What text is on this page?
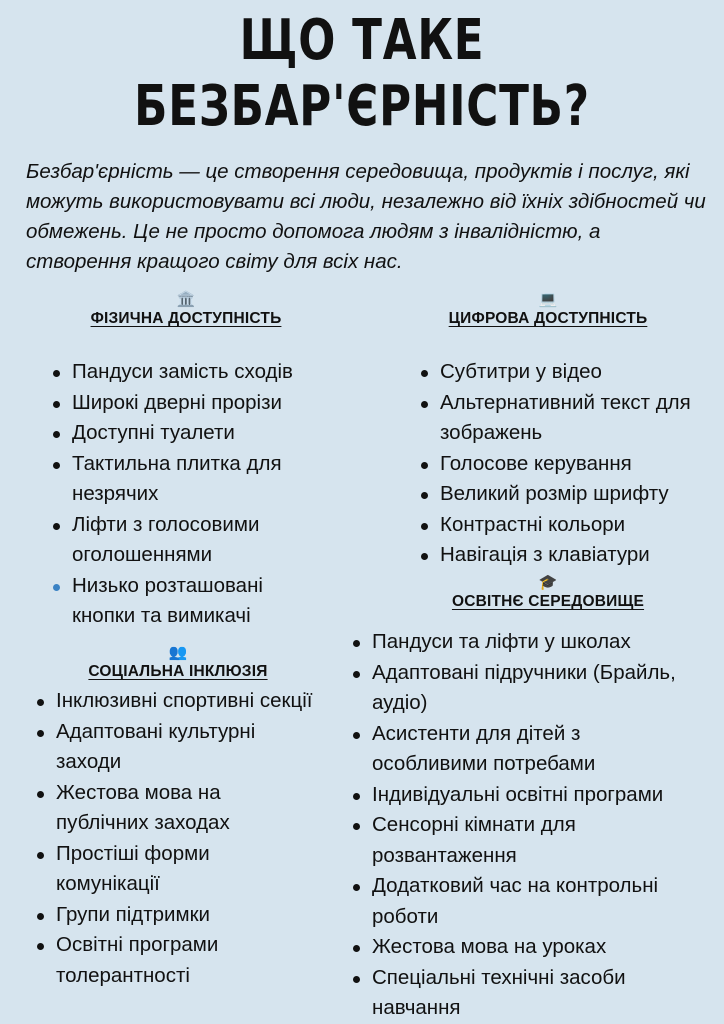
ЩО ТАКЕ
БЕЗБАР'ЄРНІСТЬ?
Безбар'єрність — це створення середовища, продуктів і послуг, які можуть використовувати всі люди, незалежно від їхніх здібностей чи обмежень. Це не просто допомога людям з інвалідністю, а створення кращого світу для всіх нас.
🏛️
ФІЗИЧНА ДОСТУПНІСТЬ
Пандуси замість сходів
Широкі дверні прорізи
Доступні туалети
Тактильна плитка для незрячих
Ліфти з голосовими оголошеннями
Низько розташовані кнопки та вимикачі
💻
ЦИФРОВА ДОСТУПНІСТЬ
Субтитри у відео
Альтернативний текст для зображень
Голосове керування
Великий розмір шрифту
Контрастні кольори
Навігація з клавіатури
🎓
ОСВІТНЄ СЕРЕДОВИЩЕ
Пандуси та ліфти у школах
Адаптовані підручники (Брайль, аудіо)
Асистенти для дітей з особливими потребами
Індивідуальні освітні програми
Сенсорні кімнати для розвантаження
Додатковий час на контрольні роботи
Жестова мова на уроках
Спеціальні технічні засоби навчання
👥
СОЦІАЛЬНА ІНКЛЮЗІЯ
Інклюзивні спортивні секції
Адаптовані культурні заходи
Жестова мова на публічних заходах
Простіші форми комунікації
Групи підтримки
Освітні програми толерантності
